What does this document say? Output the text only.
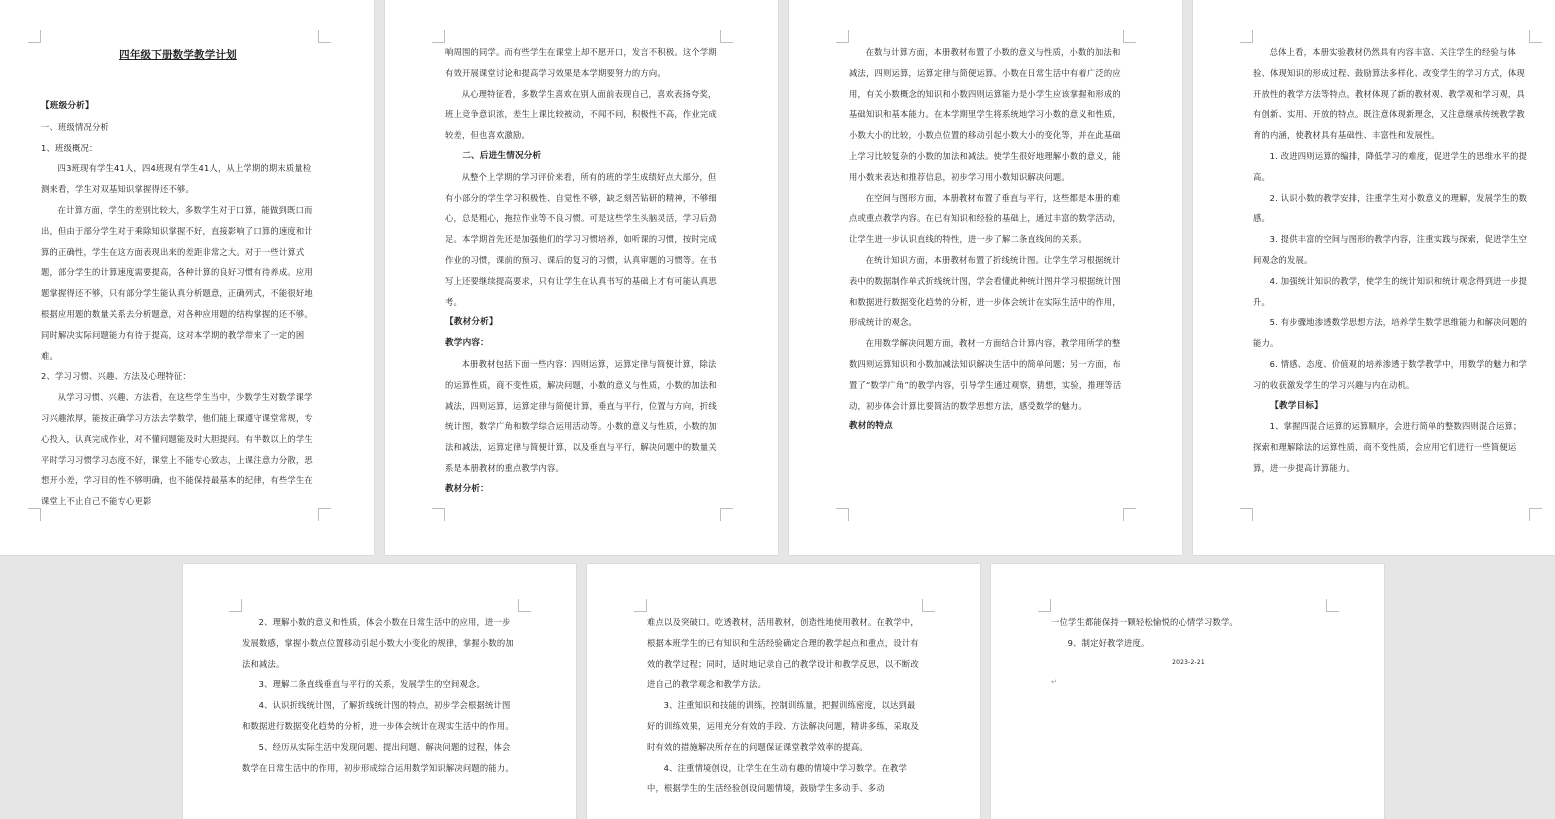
四年级下册数学教学计划

【班级分析】

一、班级情况分析

1、班级概况：

四3班现有学生41人，四4班现有学生41人，从上学期的期末质量检测来看，学生对双基知识掌握得还不够。

在计算方面，学生的差别比较大，多数学生对于口算，能做到既口而出，但由于部分学生对于乘除知识掌握不好，直接影响了口算的速度和计算的正确性，学生在这方面表现出来的差距非常之大。对于一些计算式题，部分学生的计算速度需要提高，各种计算的良好习惯有待养成。应用题掌握得还不够，只有部分学生能认真分析题意，正确列式，不能很好地根据应用题的数量关系去分析题意，对各种应用题的结构掌握的还不够。同时解决实际问题能力有待于提高，这对本学期的教学带来了一定的困难。

2、学习习惯、兴趣、方法及心理特征：

从学习习惯、兴趣、方法看，在这些学生当中，少数学生对数学课学习兴趣浓厚，能按正确学习方法去学数学，他们能上课遵守课堂常规，专心投入，认真完成作业，对不懂问题能及时大胆提问。有半数以上的学生平时学习习惯学习态度不好，课堂上不能专心致志，上课注意力分散，思想开小差，学习目的性不够明确，也不能保持最基本的纪律，有些学生在课堂上不止自己不能专心更影

响周围的同学。而有些学生在课堂上却不愿开口，发言不积极。这个学期有效开展课堂讨论和提高学习效果是本学期要努力的方向。

从心理特征看，多数学生喜欢在别人面前表现自己，喜欢表扬夸奖，班上竞争意识浓，差生上课比较被动，不闻不问，积极性不高，作业完成较差，但也喜欢激励。

二、后进生情况分析

从整个上学期的学习评价来看，所有的班的学生成绩好点大部分，但有小部分的学生学习积极性、自觉性不够，缺乏刻苦钻研的精神，不够细心，总是粗心，拖拉作业等不良习惯。可是这些学生头脑灵活，学习后劲足。本学期首先还是加强他们的学习习惯培养，如听课的习惯，按时完成作业的习惯，课前的预习、课后的复习的习惯，认真审题的习惯等。在书写上还要继续提高要求，只有让学生在认真书写的基础上才有可能认真思考。

【教材分析】

教学内容：

本册教材包括下面一些内容：四则运算，运算定律与简便计算，除法的运算性质，商不变性质，解决问题，小数的意义与性质，小数的加法和减法，四则运算，运算定律与简便计算，垂直与平行，位置与方向，折线统计图，数学广角和数学综合运用活动等。小数的意义与性质，小数的加法和减法，运算定律与简便计算，以及垂直与平行，解决问题中的数量关系是本册教材的重点教学内容。

教材分析：

在数与计算方面，本册教材布置了小数的意义与性质，小数的加法和减法，四则运算，运算定律与简便运算。小数在日常生活中有着广泛的应用，有关小数概念的知识和小数四则运算能力是小学生应该掌握和形成的基础知识和基本能力。在本学期里学生将系统地学习小数的意义和性质，小数大小的比较，小数点位置的移动引起小数大小的变化等，并在此基础上学习比较复杂的小数的加法和减法。使学生很好地理解小数的意义，能用小数来表达和推荐信息，初步学习用小数知识解决问题。

在空间与图形方面，本册教材布置了垂直与平行，这些都是本册的难点或重点教学内容。在已有知识和经验的基础上，通过丰富的数学活动，让学生进一步认识直线的特性，进一步了解二条直线间的关系。

在统计知识方面，本册教材布置了折线统计图。让学生学习根据统计表中的数据制作单式折线统计图，学会看懂此种统计图并学习根据统计图和数据进行数据变化趋势的分析，进一步体会统计在实际生活中的作用，形成统计的观念。

在用数学解决问题方面，教材一方面结合计算内容，教学用所学的整数四则运算知识和小数加减法知识解决生活中的简单问题；另一方面，布置了“数学广角”的教学内容，引导学生通过观察，猜想，实验，推理等活动，初步体会计算比要简洁的数学思想方法，感受数学的魅力。

教材的特点

总体上看，本册实验教材仍然具有内容丰富、关注学生的经验与体验、体现知识的形成过程、鼓励算法多样化、改变学生的学习方式，体现开放性的教学方法等特点。教材体现了新的教材观、教学观和学习观，具有创新、实用、开放的特点。既注意体现新理念，又注意继承传统教学教育的内涵，使教材具有基础性、丰富性和发展性。

1. 改进四则运算的编排，降低学习的难度，促进学生的思维水平的提高。

2. 认识小数的教学安排，注重学生对小数意义的理解，发展学生的数感。

3. 提供丰富的空间与图形的教学内容，注重实践与探索，促进学生空间观念的发展。

4. 加强统计知识的教学，使学生的统计知识和统计观念得到进一步提升。

5. 有步骤地渗透数学思想方法，培养学生数学思维能力和解决问题的能力。

6. 情感、态度、价值观的培养渗透于数学教学中，用数学的魅力和学习的收获激发学生的学习兴趣与内在动机。

【教学目标】

1、掌握四混合运算的运算顺序，会进行简单的整数四则混合运算；探索和理解除法的运算性质，商不变性质，会应用它们进行一些简便运算，进一步提高计算能力。

2、理解小数的意义和性质，体会小数在日常生活中的应用，进一步发展数感，掌握小数点位置移动引起小数大小变化的规律，掌握小数的加法和减法。

3、理解二条直线垂直与平行的关系，发展学生的空间观念。

4、认识折线统计图，了解折线统计图的特点，初步学会根据统计图和数据进行数据变化趋势的分析，进一步体会统计在现实生活中的作用。

5、经历从实际生活中发现问题、提出问题、解决问题的过程，体会数学在日常生活中的作用，初步形成综合运用数学知识解决问题的能力。

难点以及突破口。吃透教材，活用教材，创造性地使用教材。在教学中，根据本班学生的已有知识和生活经验确定合理的教学起点和重点，设计有效的教学过程；同时，适时地记录自己的教学设计和教学反思，以不断改进自己的教学观念和教学方法。

3、注重知识和技能的训练，控制训练量，把握训练密度，以达到最好的训练效果，运用充分有效的手段、方法解决问题，精讲多练，采取及时有效的措施解决所存在的问题保证课堂教学效率的提高。

4、注重情境创设，让学生在生动有趣的情境中学习数学。在教学中，根据学生的生活经验创设问题情境，鼓励学生多动手、多动

一位学生都能保持一颗轻松愉悦的心情学习数学。

9、制定好教学进度。

2023-2-21

↵
